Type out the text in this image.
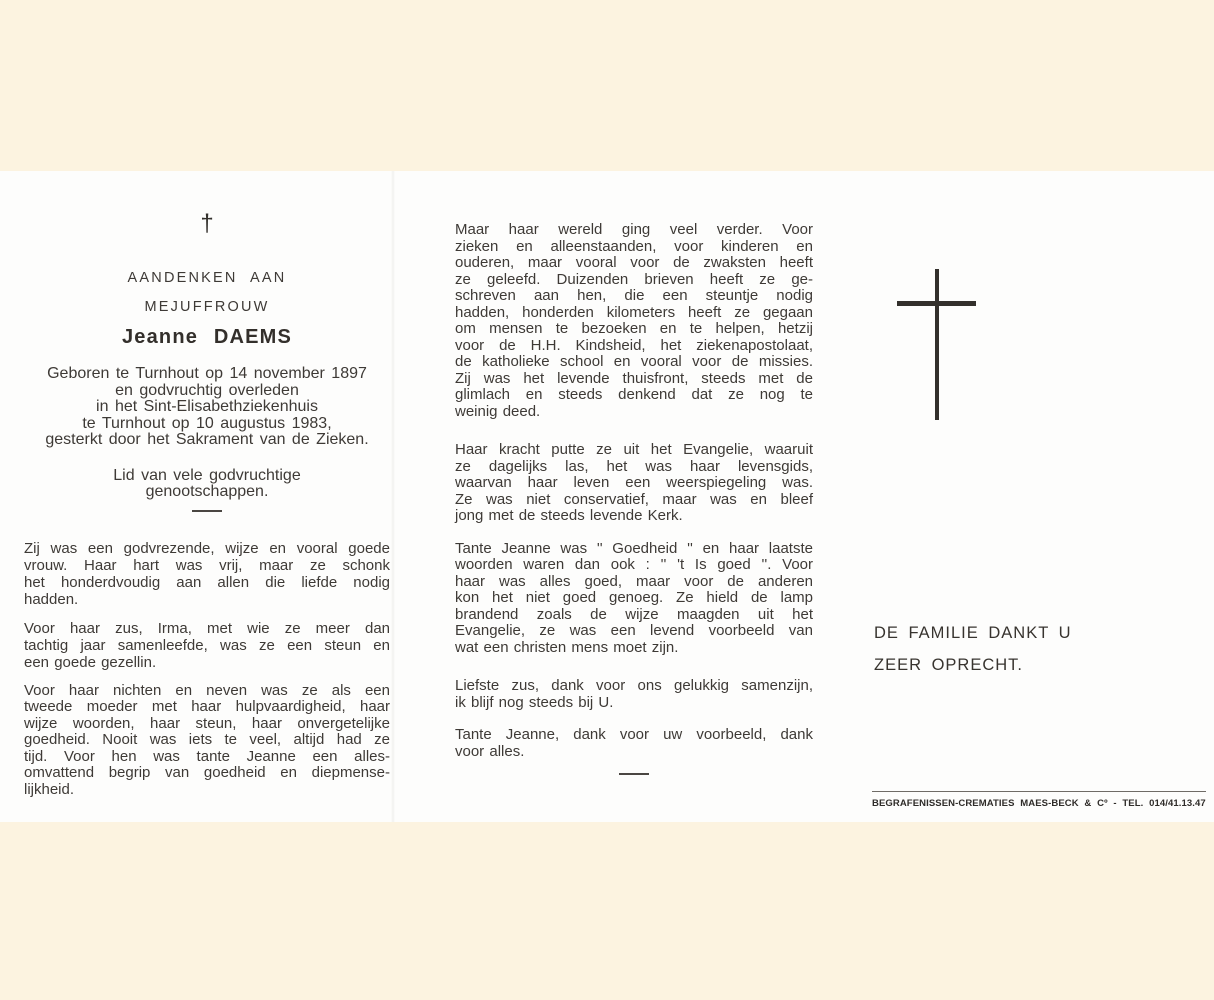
†
AANDENKEN AAN
MEJUFFROUW
Jeanne DAEMS
Geboren te Turnhout op 14 november 1897
en godvruchtig overleden
in het Sint-Elisabethziekenhuis
te Turnhout op 10 augustus 1983,
gesterkt door het Sakrament van de Zieken.
Lid van vele godvruchtige
genootschappen.
Zij was een godvrezende, wijze en vooral goede
vrouw. Haar hart was vrij, maar ze schonk
het honderdvoudig aan allen die liefde nodig
hadden.
Voor haar zus, Irma, met wie ze meer dan
tachtig jaar samenleefde, was ze een steun en
een goede gezellin.
Voor haar nichten en neven was ze als een
tweede moeder met haar hulpvaardigheid, haar
wijze woorden, haar steun, haar onvergetelijke
goedheid. Nooit was iets te veel, altijd had ze
tijd. Voor hen was tante Jeanne een alles-
omvattend begrip van goedheid en diepmense-
lijkheid.
Maar haar wereld ging veel verder. Voor
zieken en alleenstaanden, voor kinderen en
ouderen, maar vooral voor de zwaksten heeft
ze geleefd. Duizenden brieven heeft ze ge-
schreven aan hen, die een steuntje nodig
hadden, honderden kilometers heeft ze gegaan
om mensen te bezoeken en te helpen, hetzij
voor de H.H. Kindsheid, het ziekenapostolaat,
de katholieke school en vooral voor de missies.
Zij was het levende thuisfront, steeds met de
glimlach en steeds denkend dat ze nog te
weinig deed.
Haar kracht putte ze uit het Evangelie, waaruit
ze dagelijks las, het was haar levensgids,
waarvan haar leven een weerspiegeling was.
Ze was niet conservatief, maar was en bleef
jong met de steeds levende Kerk.
Tante Jeanne was '' Goedheid '' en haar laatste
woorden waren dan ook : '' 't Is goed ''. Voor
haar was alles goed, maar voor de anderen
kon het niet goed genoeg. Ze hield de lamp
brandend zoals de wijze maagden uit het
Evangelie, ze was een levend voorbeeld van
wat een christen mens moet zijn.
Liefste zus, dank voor ons gelukkig samenzijn,
ik blijf nog steeds bij U.
Tante Jeanne, dank voor uw voorbeeld, dank
voor alles.
DE FAMILIE DANKT U
ZEER OPRECHT.
BEGRAFENISSEN-CREMATIES MAES-BECK & Cº - TEL. 014/41.13.47
